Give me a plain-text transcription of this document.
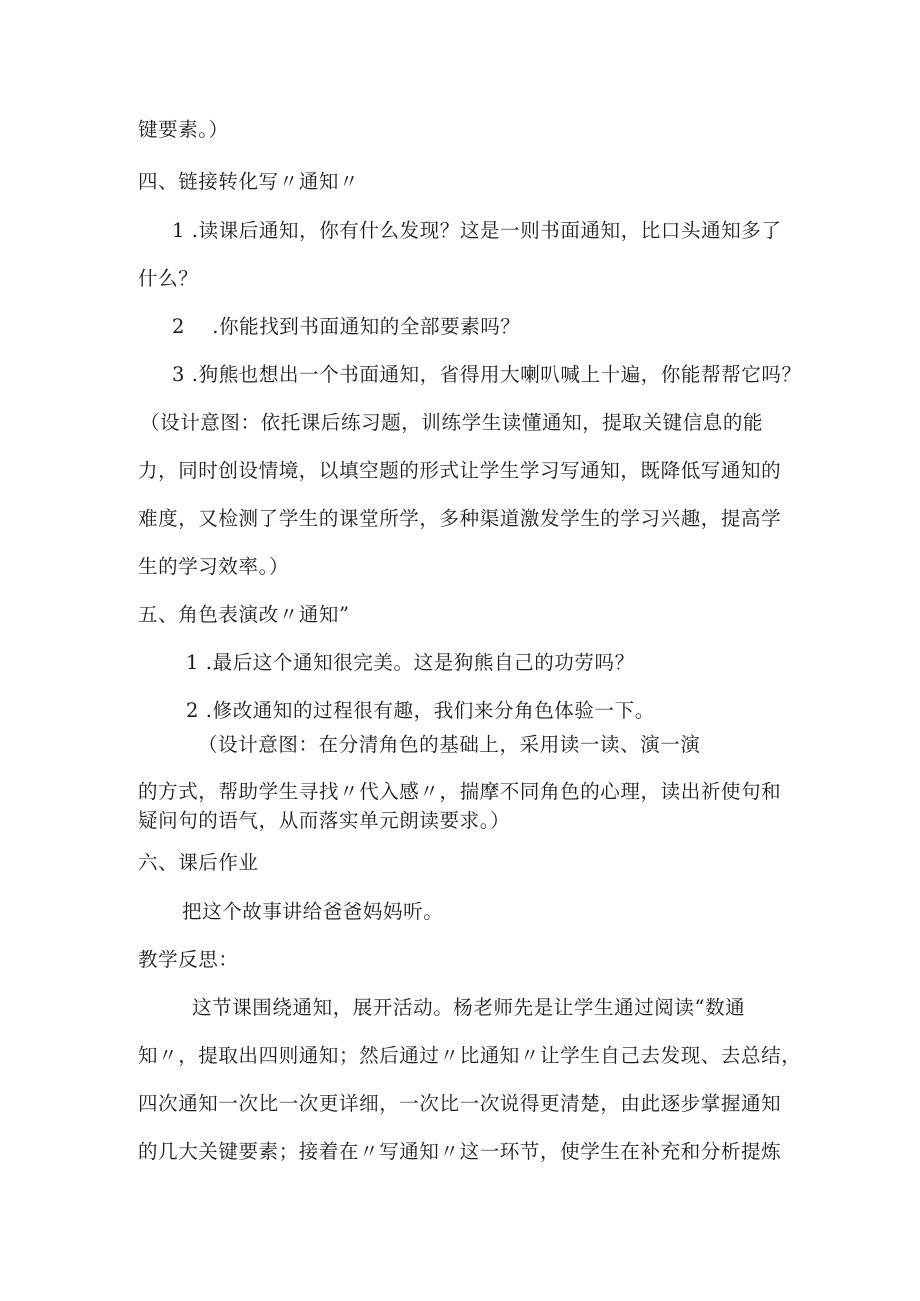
键要素。）
四、链接转化写〃通知〃
1 .读课后通知，你有什么发现？这是一则书面通知，比口头通知多了
什么？
2    .你能找到书面通知的全部要素吗？
3 .狗熊也想出一个书面通知，省得用大喇叭喊上十遍，你能帮帮它吗？
（设计意图：依托课后练习题，训练学生读懂通知，提取关键信息的能
力，同时创设情境，以填空题的形式让学生学习写通知，既降低写通知的
难度，又检测了学生的课堂所学，多种渠道激发学生的学习兴趣，提高学
生的学习效率。）
五、角色表演改〃通知”
1 .最后这个通知很完美。这是狗熊自己的功劳吗？
2 .修改通知的过程很有趣，我们来分角色体验一下。
（设计意图：在分清角色的基础上，采用读一读、演一演
的方式，帮助学生寻找〃代入感〃，揣摩不同角色的心理，读出祈使句和
疑问句的语气，从而落实单元朗读要求。）
六、课后作业
把这个故事讲给爸爸妈妈听。
教学反思：
这节课围绕通知，展开活动。杨老师先是让学生通过阅读“数通
知〃，提取出四则通知；然后通过〃比通知〃让学生自己去发现、去总结，
四次通知一次比一次更详细，一次比一次说得更清楚，由此逐步掌握通知
的几大关键要素；接着在〃写通知〃这一环节，使学生在补充和分析提炼
